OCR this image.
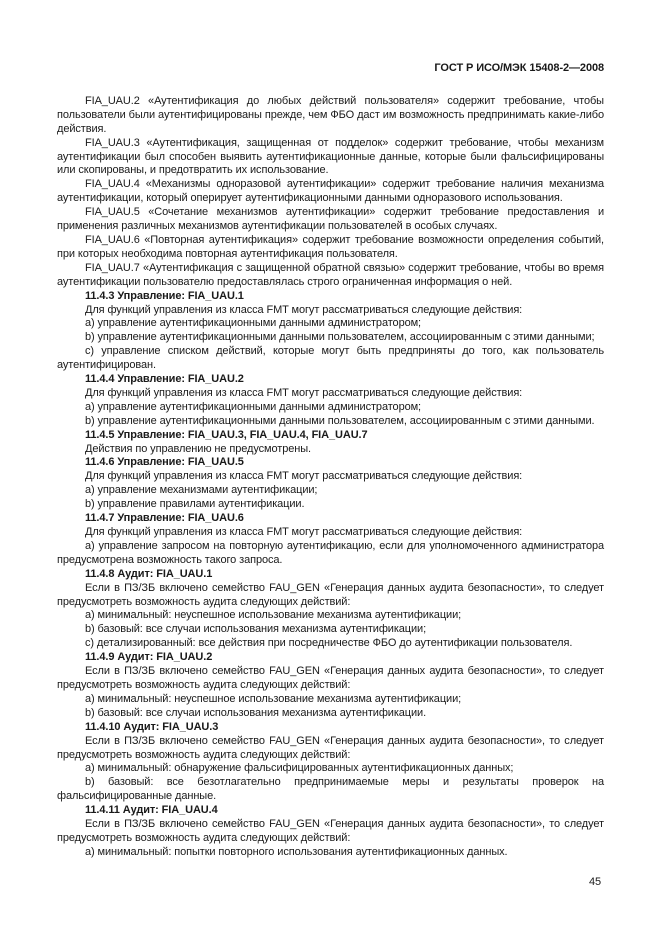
ГОСТ Р ИСО/МЭК 15408-2—2008

FIA_UAU.2 «Аутентификация до любых действий пользователя» содержит требование, чтобы пользователи были аутентифицированы прежде, чем ФБО даст им возможность предпринимать какие-либо действия.

FIA_UAU.3 «Аутентификация, защищенная от подделок» содержит требование, чтобы механизм аутентификации был способен выявить аутентификационные данные, которые были фальсифицированы или скопированы, и предотвратить их использование.

FIA_UAU.4 «Механизмы одноразовой аутентификации» содержит требование наличия механизма аутентификации, который оперирует аутентификационными данными одноразового использования.

FIA_UAU.5 «Сочетание механизмов аутентификации» содержит требование предоставления и применения различных механизмов аутентификации пользователей в особых случаях.

FIA_UAU.6 «Повторная аутентификация» содержит требование возможности определения событий, при которых необходима повторная аутентификация пользователя.

FIA_UAU.7 «Аутентификация с защищенной обратной связью» содержит требование, чтобы во время аутентификации пользователю предоставлялась строго ограниченная информация о ней.

11.4.3 Управление: FIA_UAU.1

Для функций управления из класса FMT могут рассматриваться следующие действия:

a) управление аутентификационными данными администратором;

b) управление аутентификационными данными пользователем, ассоциированным с этими данными;

c) управление списком действий, которые могут быть предприняты до того, как пользователь аутентифицирован.

11.4.4 Управление: FIA_UAU.2

Для функций управления из класса FMT могут рассматриваться следующие действия:

a) управление аутентификационными данными администратором;

b) управление аутентификационными данными пользователем, ассоциированным с этими данными.

11.4.5 Управление: FIA_UAU.3, FIA_UAU.4, FIA_UAU.7

Действия по управлению не предусмотрены.

11.4.6 Управление: FIA_UAU.5

Для функций управления из класса FMT могут рассматриваться следующие действия:

a) управление механизмами аутентификации;

b) управление правилами аутентификации.

11.4.7 Управление: FIA_UAU.6

Для функций управления из класса FMT могут рассматриваться следующие действия:

a) управление запросом на повторную аутентификацию, если для уполномоченного администратора предусмотрена возможность такого запроса.

11.4.8 Аудит: FIA_UAU.1

Если в ПЗ/ЗБ включено семейство FAU_GEN «Генерация данных аудита безопасности», то следует предусмотреть возможность аудита следующих действий:

a) минимальный: неуспешное использование механизма аутентификации;

b) базовый: все случаи использования механизма аутентификации;

c) детализированный: все действия при посредничестве ФБО до аутентификации пользователя.

11.4.9 Аудит: FIA_UAU.2

Если в ПЗ/ЗБ включено семейство FAU_GEN «Генерация данных аудита безопасности», то следует предусмотреть возможность аудита следующих действий:

a) минимальный: неуспешное использование механизма аутентификации;

b) базовый: все случаи использования механизма аутентификации.

11.4.10 Аудит: FIA_UAU.3

Если в ПЗ/ЗБ включено семейство FAU_GEN «Генерация данных аудита безопасности», то следует предусмотреть возможность аудита следующих действий:

a) минимальный: обнаружение фальсифицированных аутентификационных данных;

b) базовый: все безотлагательно предпринимаемые меры и результаты проверок на фальсифицированные данные.

11.4.11 Аудит: FIA_UAU.4

Если в ПЗ/ЗБ включено семейство FAU_GEN «Генерация данных аудита безопасности», то следует предусмотреть возможность аудита следующих действий:

a) минимальный: попытки повторного использования аутентификационных данных.

45
